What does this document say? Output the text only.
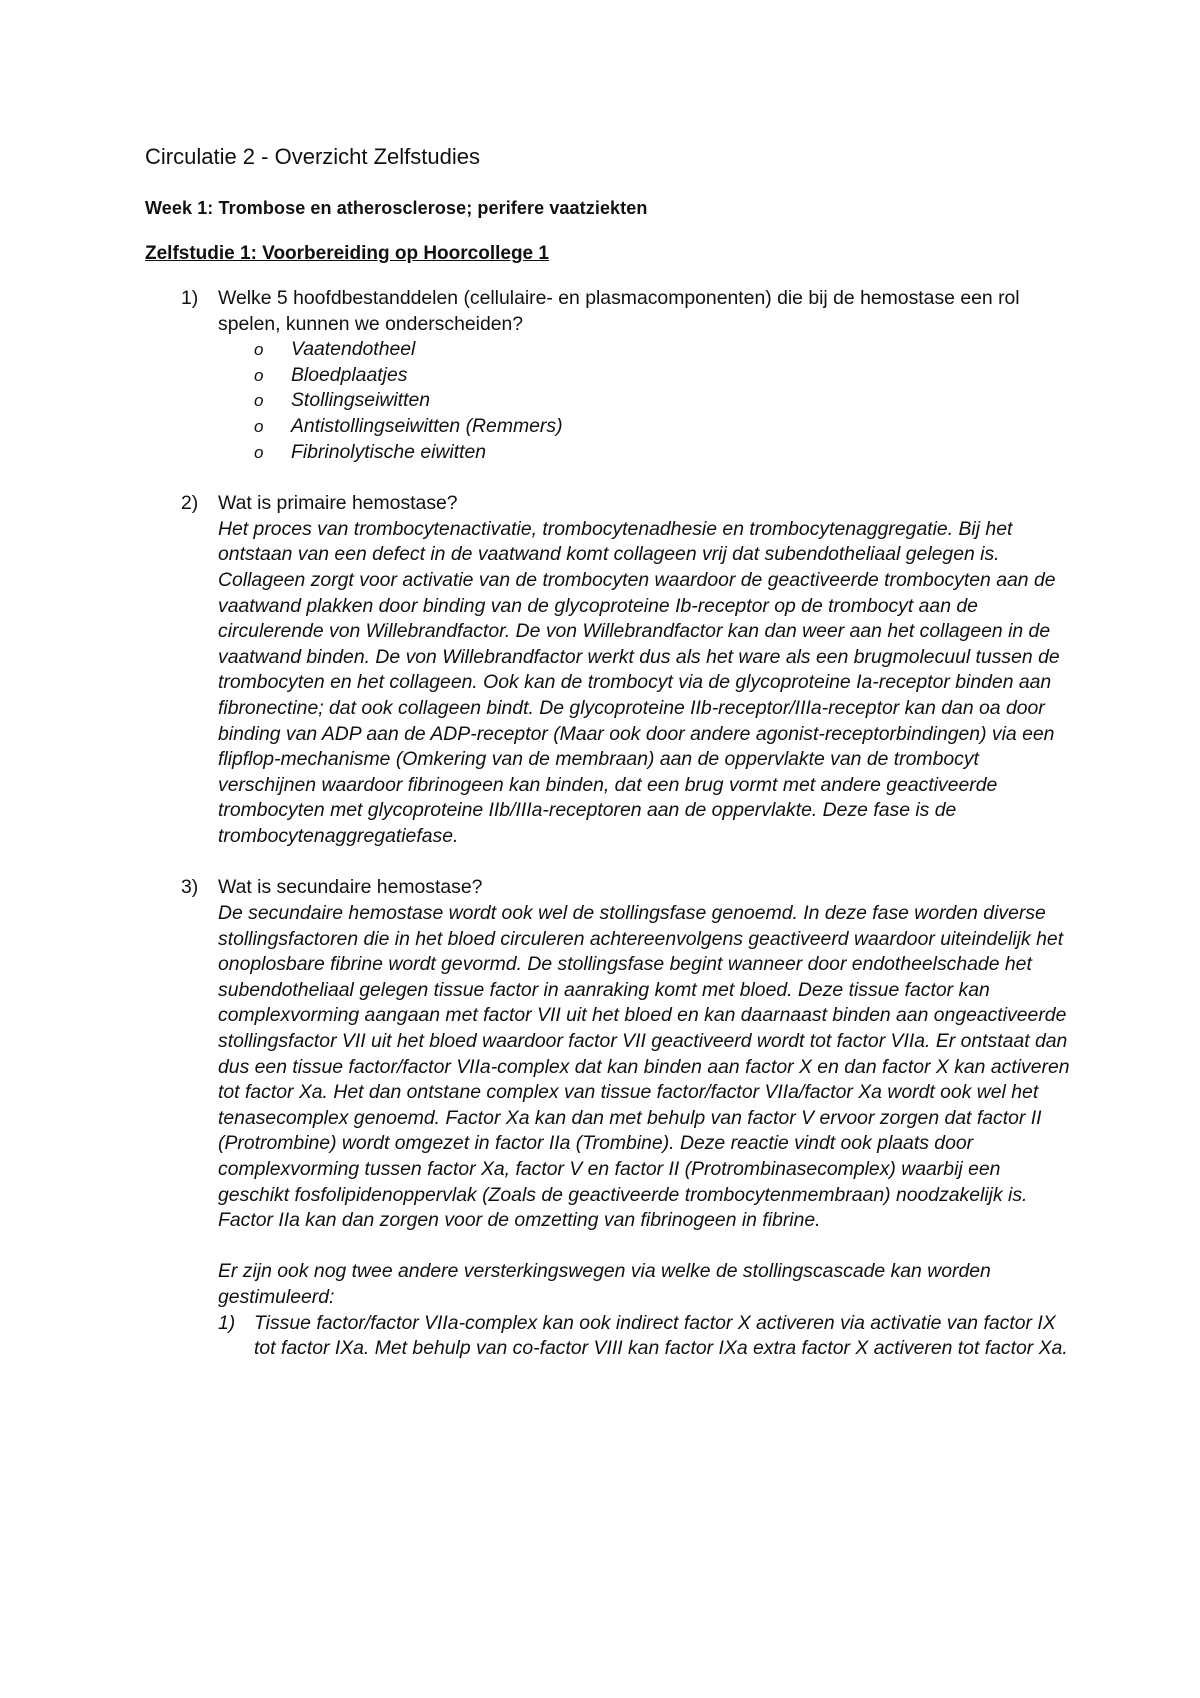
Circulatie 2 - Overzicht Zelfstudies
Week 1: Trombose en atherosclerose; perifere vaatziekten
Zelfstudie 1: Voorbereiding op Hoorcollege 1
1) Welke 5 hoofdbestanddelen (cellulaire- en plasmacomponenten) die bij de hemostase een rol spelen, kunnen we onderscheiden?
o Vaatendotheel
o Bloedplaatjes
o Stollingseiwitten
o Antistollingseiwitten (Remmers)
o Fibrinolytische eiwitten
2) Wat is primaire hemostase?

Het proces van trombocytenactivatie, trombocytenadhesie en trombocytenaggregatie. Bij het ontstaan van een defect in de vaatwand komt collageen vrij dat subendotheliaal gelegen is. Collageen zorgt voor activatie van de trombocyten waardoor de geactiveerde trombocyten aan de vaatwand plakken door binding van de glycoproteine Ib-receptor op de trombocyt aan de circulerende von Willebrandfactor. De von Willebrandfactor kan dan weer aan het collageen in de vaatwand binden. De von Willebrandfactor werkt dus als het ware als een brugmolecuul tussen de trombocyten en het collageen. Ook kan de trombocyt via de glycoproteine Ia-receptor binden aan fibronectine; dat ook collageen bindt. De glycoproteine IIb-receptor/IIIa-receptor kan dan oa door binding van ADP aan de ADP-receptor (Maar ook door andere agonist-receptorbindingen) via een flipflop-mechanisme (Omkering van de membraan) aan de oppervlakte van de trombocyt verschijnen waardoor fibrinogeen kan binden, dat een brug vormt met andere geactiveerde trombocyten met glycoproteine IIb/IIIa-receptoren aan de oppervlakte. Deze fase is de trombocytenaggregatiefase.

3) Wat is secundaire hemostase?

De secundaire hemostase wordt ook wel de stollingsfase genoemd. In deze fase worden diverse stollingsfactoren die in het bloed circuleren achtereenvolgens geactiveerd waardoor uiteindelijk het onoplosbare fibrine wordt gevormd. De stollingsfase begint wanneer door endotheelschade het subendotheliaal gelegen tissue factor in aanraking komt met bloed. Deze tissue factor kan complexvorming aangaan met factor VII uit het bloed en kan daarnaast binden aan ongeactiveerde stollingsfactor VII uit het bloed waardoor factor VII geactiveerd wordt tot factor VIIa. Er ontstaat dan dus een tissue factor/factor VIIa-complex dat kan binden aan factor X en dan factor X kan activeren tot factor Xa. Het dan ontstane complex van tissue factor/factor VIIa/factor Xa wordt ook wel het tenasecomplex genoemd. Factor Xa kan dan met behulp van factor V ervoor zorgen dat factor II (Protrombine) wordt omgezet in factor IIa (Trombine). Deze reactie vindt ook plaats door complexvorming tussen factor Xa, factor V en factor II (Protrombinasecomplex) waarbij een geschikt fosfolipidenoppervlak (Zoals de geactiveerde trombocytenmembraan) noodzakelijk is. Factor IIa kan dan zorgen voor de omzetting van fibrinogeen in fibrine.

Er zijn ook nog twee andere versterkingswegen via welke de stollingscascade kan worden gestimuleerd:

1) Tissue factor/factor VIIa-complex kan ook indirect factor X activeren via activatie van factor IX tot factor IXa. Met behulp van co-factor VIII kan factor IXa extra factor X activeren tot factor Xa.
